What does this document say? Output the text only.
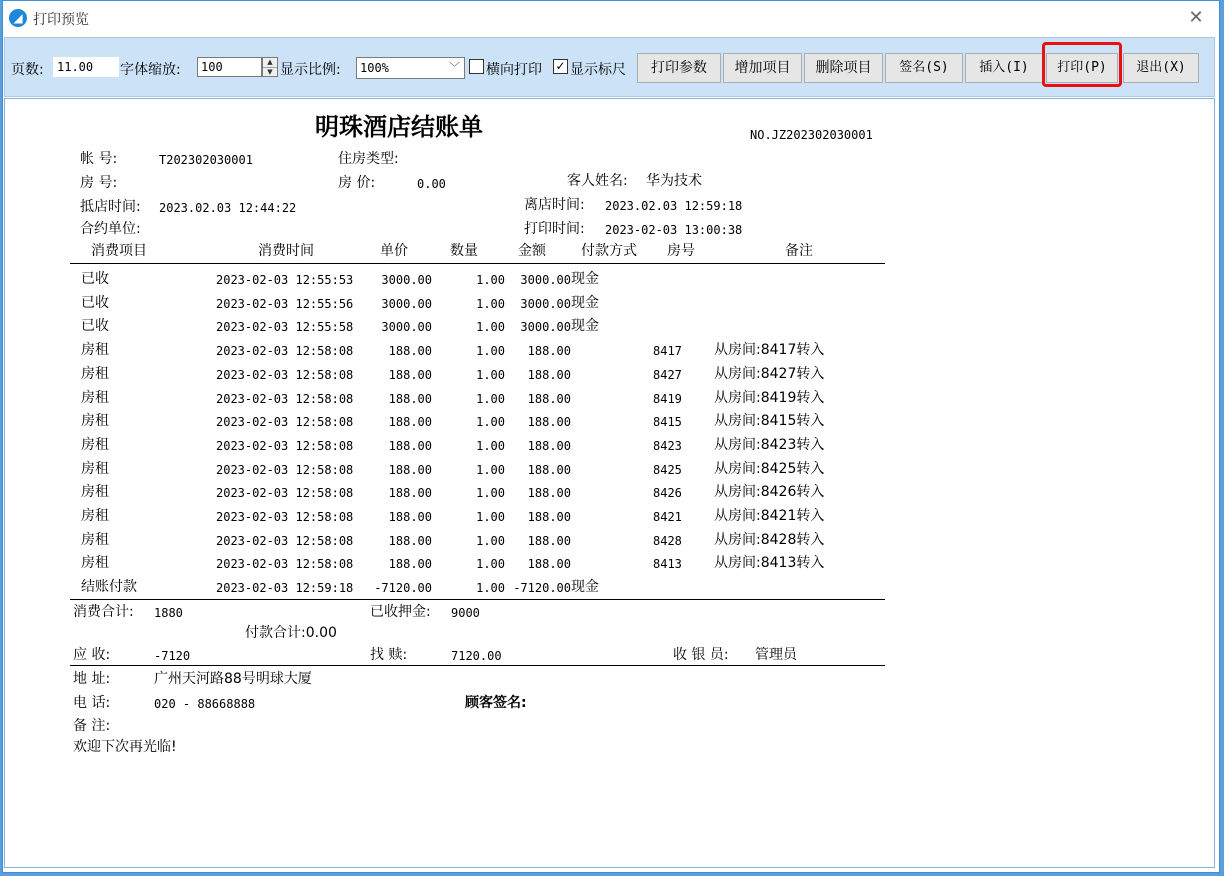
◢ 打印预览	✕
页数:	11.00	字体缩放:	100	▲
▼ 显示比例:	100%	﹀ 横向打印 ✓ 显示标尺	打印参数	增加项目	删除项目	签名(S)	插入(I)	打印(P)	退出(X)
明珠酒店结账单	NO.JZ202302030001
帐 号:	T202302030001	住房类型:
房 号:	房 价:	0.00	客人姓名: 华为技术
抵店时间: 2023.02.03 12:44:22	离店时间: 2023.02.03 12:59:18
合约单位:	打印时间: 2023-02-03 13:00:38
消费项目	消费时间	单价	数量	金额	付款方式 房号	备注
已收	2023-02-03 12:55:53	3000.00	1.00	3000.00 现金
已收	2023-02-03 12:55:56	3000.00	1.00	3000.00 现金
已收	2023-02-03 12:55:58	3000.00	1.00	3000.00 现金
房租	2023-02-03 12:58:08	188.00	1.00	188.00	8417 从房间:8417转入
房租	2023-02-03 12:58:08	188.00	1.00	188.00	8427 从房间:8427转入
房租	2023-02-03 12:58:08	188.00	1.00	188.00	8419 从房间:8419转入
房租	2023-02-03 12:58:08	188.00	1.00	188.00	8415 从房间:8415转入
房租	2023-02-03 12:58:08	188.00	1.00	188.00	8423 从房间:8423转入
房租	2023-02-03 12:58:08	188.00	1.00	188.00	8425 从房间:8425转入
房租	2023-02-03 12:58:08	188.00	1.00	188.00	8426 从房间:8426转入
房租	2023-02-03 12:58:08	188.00	1.00	188.00	8421 从房间:8421转入
房租	2023-02-03 12:58:08	188.00	1.00	188.00	8428 从房间:8428转入
房租	2023-02-03 12:58:08	188.00	1.00	188.00	8413 从房间:8413转入
结账付款	2023-02-03 12:59:18	-7120.00	1.00 -7120.00 现金
消费合计: 1880	已收押金: 9000
付款合计:0.00
应 收:	-7120	找 赎:	7120.00	收 银 员: 管理员
地 址:	广州天河路88号明球大厦
电 话:	020 - 88668888	顾客签名:
备 注:
欢迎下次再光临!
